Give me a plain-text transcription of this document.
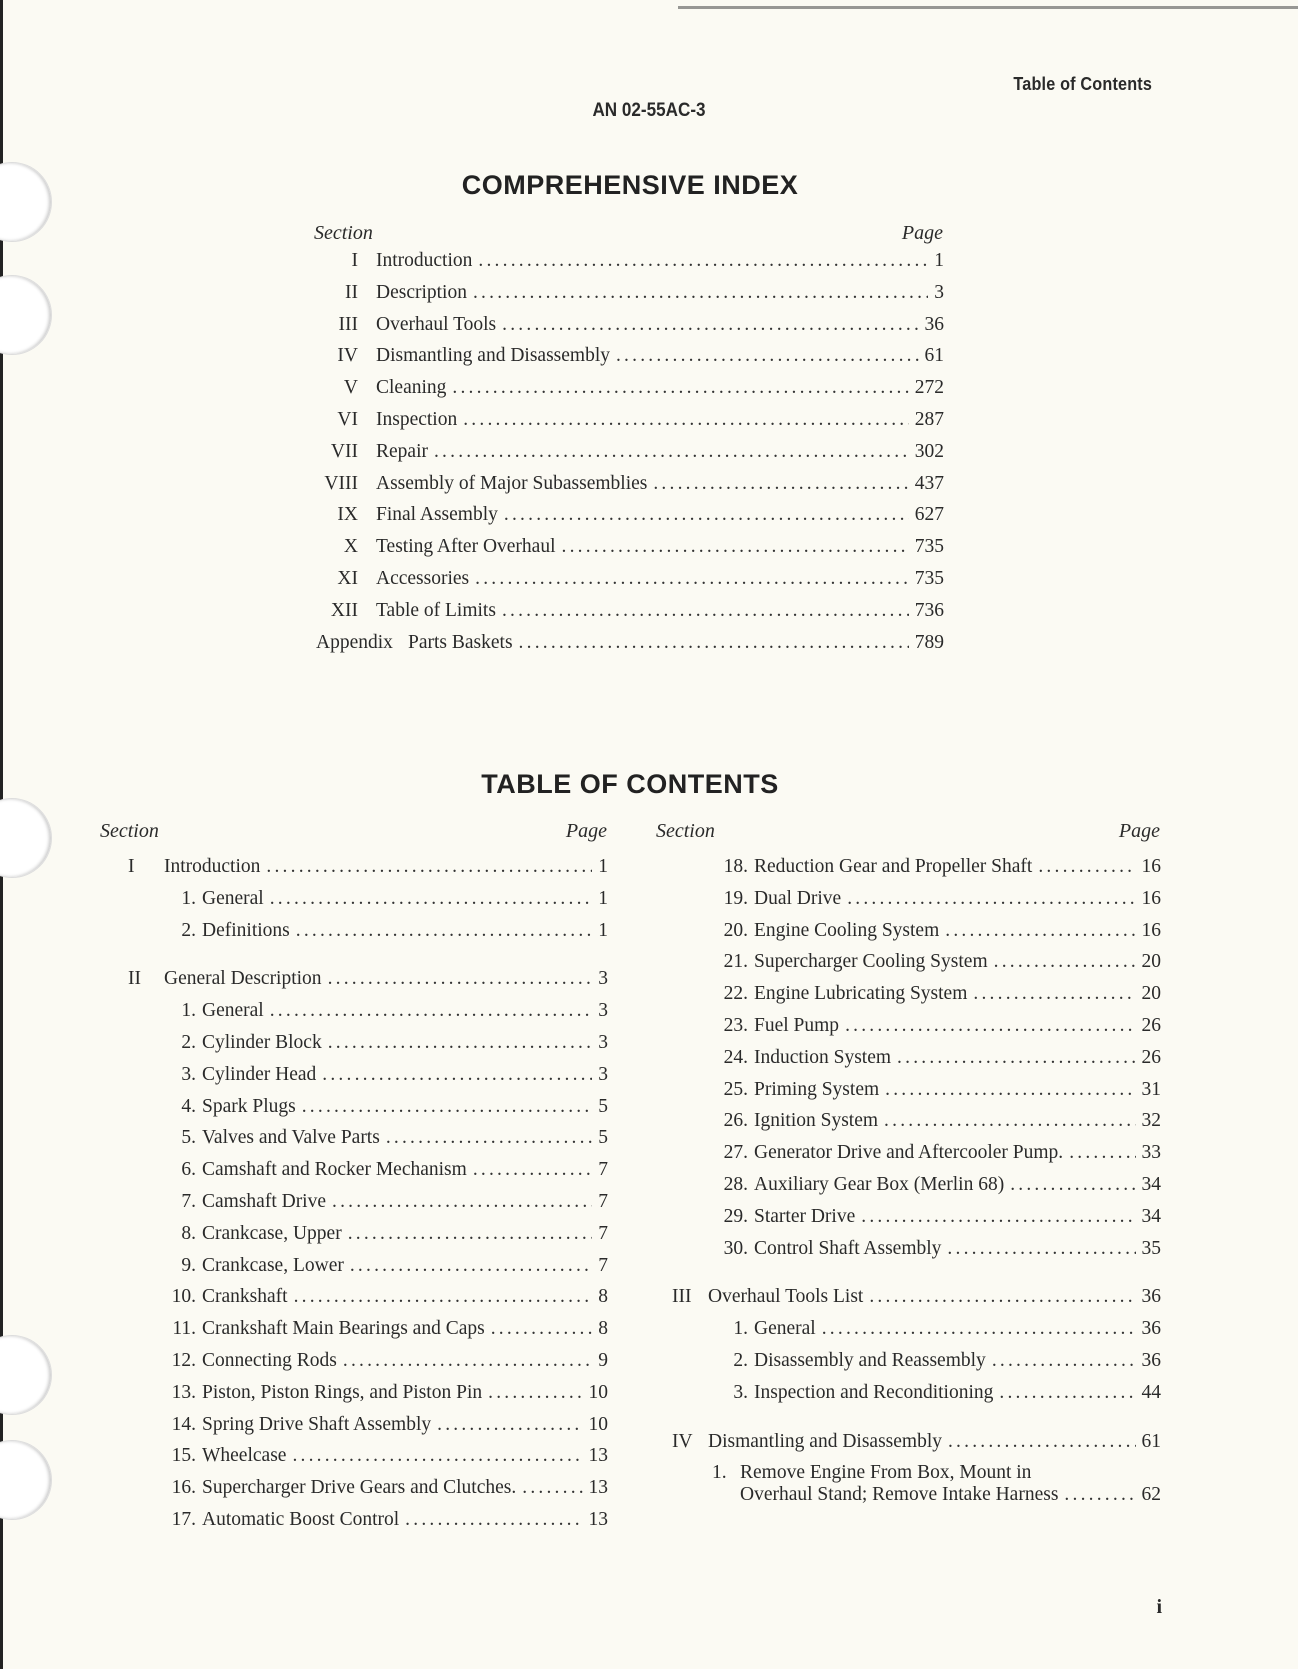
Table of Contents
AN 02-55AC-3
COMPREHENSIVE INDEX
Section	Page
I Introduction .....	1
II Description .....	3
III Overhaul Tools .....	36
IV Dismantling and Disassembly .....	61
V Cleaning .....	272
VI Inspection .....	287
VII Repair .....	302
VIII Assembly of Major Subassemblies .....	437
IX Final Assembly .....	627
X Testing After Overhaul .....	735
XI Accessories .....	735
XII Table of Limits .....	736
Appendix Parts Baskets .....	789
TABLE OF CONTENTS
Section	Page Section	Page
I	Introduction .....	1
1. General .....	1
2. Definitions .....	1
II	General Description .....	3
1. General .....	3
2. Cylinder Block .....	3
3. Cylinder Head .....	3
4. Spark Plugs .....	5
5. Valves and Valve Parts .....	5
6. Camshaft and Rocker Mechanism .....	7
7. Camshaft Drive .....	7
8. Crankcase, Upper .....	7
9. Crankcase, Lower .....	7
10. Crankshaft .....	8
11. Crankshaft Main Bearings and Caps .....	8
12. Connecting Rods .....	9
13. Piston, Piston Rings, and Piston Pin .....	10
14. Spring Drive Shaft Assembly .....	10
15. Wheelcase .....	13
16. Supercharger Drive Gears and Clutches. .....	13
17. Automatic Boost Control .....	13
18. Reduction Gear and Propeller Shaft .....	16
19. Dual Drive .....	16
20. Engine Cooling System .....	16
21. Supercharger Cooling System .....	20
22. Engine Lubricating System .....	20
23. Fuel Pump .....	26
24. Induction System .....	26
25. Priming System .....	31
26. Ignition System .....	32
27. Generator Drive and Aftercooler Pump. .....	33
28. Auxiliary Gear Box (Merlin 68) .....	34
29. Starter Drive .....	34
30. Control Shaft Assembly .....	35
III Overhaul Tools List .....	36
1. General .....	36
2. Disassembly and Reassembly .....	36
3. Inspection and Reconditioning .....	44
IV Dismantling and Disassembly .....	61
1. Remove Engine From Box, Mount in
Overhaul Stand; Remove Intake Harness .....	62
i
